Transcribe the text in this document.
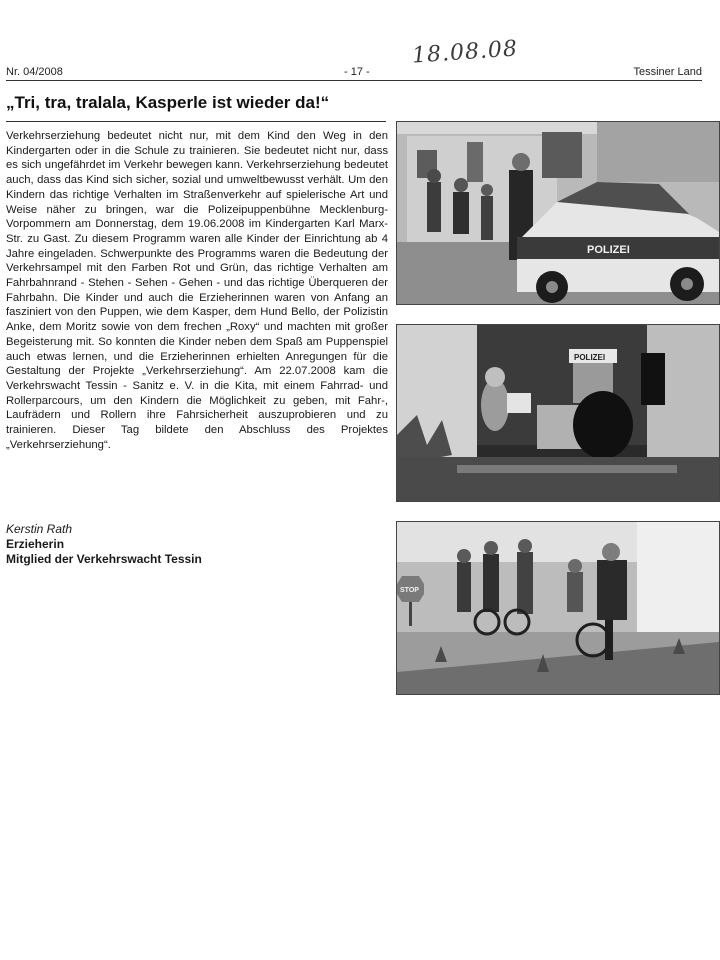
18.08.08
Nr. 04/2008	- 17 -	Tessiner Land
„Tri, tra, tralala, Kasperle ist wieder da!“

Verkehrserziehung bedeutet nicht nur, mit dem Kind den Weg in den Kindergarten oder in die Schule zu trainieren. Sie bedeutet nicht nur, dass es sich ungefährdet im Verkehr bewegen kann. Verkehrserziehung bedeutet auch, dass das Kind sich sicher, sozial und umweltbewusst verhält. Um den Kindern das richtige Verhalten im Straßenverkehr auf spielerische Art und Weise näher zu bringen, war die Polizeipuppenbühne Mecklenburg-Vorpommern am Donnerstag, dem 19.06.2008 im Kindergarten Karl Marx-Str. zu Gast. Zu diesem Programm waren alle Kinder der Einrichtung ab 4 Jahre eingeladen. Schwerpunkte des Programms waren die Bedeutung der Verkehrsampel mit den Farben Rot und Grün, das richtige Verhalten am Fahrbahnrand - Stehen - Sehen - Gehen - und das richtige Überqueren der Fahrbahn. Die Kinder und auch die Erzieherinnen waren von Anfang an fasziniert von den Puppen, wie dem Kasper, dem Hund Bello, der Polizistin Anke, dem Moritz sowie von dem frechen „Roxy“ und machten mit großer Begeisterung mit. So konnten die Kinder neben dem Spaß am Puppenspiel auch etwas lernen, und die Erzieherinnen erhielten Anregungen für die Gestaltung der Projekte „Verkehrserziehung“. Am 22.07.2008 kam die Verkehrswacht Tessin - Sanitz e. V. in die Kita, mit einem Fahrrad- und Rollerparcours, um den Kindern die Möglichkeit zu geben, mit Fahr-, Laufrädern und Rollern ihre Fahrsicherheit auszuprobieren und zu trainieren. Dieser Tag bildete den Abschluss des Projektes „Verkehrserziehung“.

Kerstin Rath
Erzieherin
Mitglied der Verkehrswacht Tessin
POLIZEI
POLIZEI
STOP
